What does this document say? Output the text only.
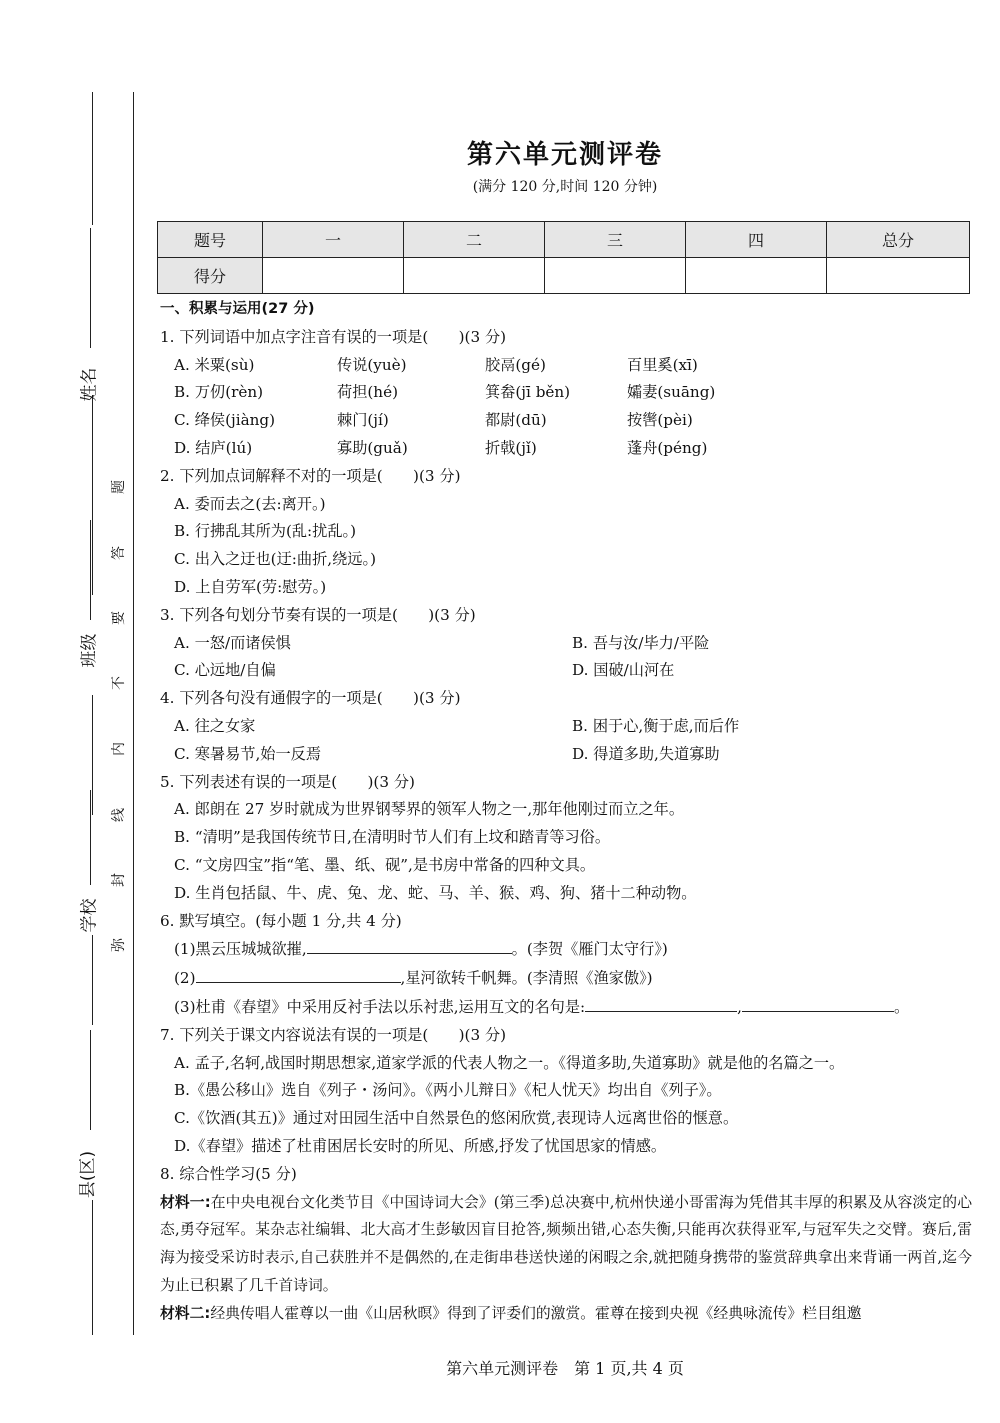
姓名
班级
学校
县(区)
题
答
要
不
内
线
封
弥
第六单元测评卷
(满分 120 分,时间 120 分钟)
题号	一	二	三	四	总分
得分					
一、积累与运用(27 分)
1. 下列词语中加点字注音有误的一项是(　　)(3 分)
A. 米粟(sù)	传说(yuè)	胶鬲(gé)	百里奚(xī)
B. 万仞(rèn)	荷担(hé)	箕畚(jī běn)	孀妻(suāng)
C. 绛侯(jiàng)	棘门(jí)	都尉(dū)	按辔(pèi)
D. 结庐(lú)	寡助(guǎ)	折戟(jǐ)	蓬舟(péng)
2. 下列加点词解释不对的一项是(　　)(3 分)
A. 委而去之(去:离开。)
B. 行拂乱其所为(乱:扰乱。)
C. 出入之迂也(迂:曲折,绕远。)
D. 上自劳军(劳:慰劳。)
3. 下列各句划分节奏有误的一项是(　　)(3 分)
A. 一怒/而诸侯惧	B. 吾与汝/毕力/平险
C. 心远地/自偏	D. 国破/山河在
4. 下列各句没有通假字的一项是(　　)(3 分)
A. 往之女家	B. 困于心,衡于虑,而后作
C. 寒暑易节,始一反焉	D. 得道多助,失道寡助
5. 下列表述有误的一项是(　　)(3 分)
A. 郎朗在 27 岁时就成为世界钢琴界的领军人物之一,那年他刚过而立之年。
B. “清明”是我国传统节日,在清明时节人们有上坟和踏青等习俗。
C. “文房四宝”指“笔、墨、纸、砚”,是书房中常备的四种文具。
D. 生肖包括鼠、牛、虎、兔、龙、蛇、马、羊、猴、鸡、狗、猪十二种动物。
6. 默写填空。(每小题 1 分,共 4 分)
(1)黑云压城城欲摧,	。(李贺《雁门太守行》)
(2)	,星河欲转千帆舞。(李清照《渔家傲》)
(3)杜甫《春望》中采用反衬手法以乐衬悲,运用互文的名句是:	,	。
7. 下列关于课文内容说法有误的一项是(　　)(3 分)
A. 孟子,名轲,战国时期思想家,道家学派的代表人物之一。《得道多助,失道寡助》就是他的名篇之一。
B.《愚公移山》选自《列子・汤问》。《两小儿辩日》《杞人忧天》均出自《列子》。
C.《饮酒(其五)》通过对田园生活中自然景色的悠闲欣赏,表现诗人远离世俗的惬意。
D.《春望》描述了杜甫困居长安时的所见、所感,抒发了忧国思家的情感。
8. 综合性学习(5 分)
材料一:在中央电视台文化类节目《中国诗词大会》(第三季)总决赛中,杭州快递小哥雷海为凭借其丰厚的积累及从容淡定的心态,勇夺冠军。某杂志社编辑、北大高才生彭敏因盲目抢答,频频出错,心态失衡,只能再次获得亚军,与冠军失之交臂。赛后,雷海为接受采访时表示,自己获胜并不是偶然的,在走街串巷送快递的闲暇之余,就把随身携带的鉴赏辞典拿出来背诵一两首,迄今为止已积累了几千首诗词。
材料二:经典传唱人霍尊以一曲《山居秋暝》得到了评委们的激赏。霍尊在接到央视《经典咏流传》栏目组邀
第六单元测评卷　第 1 页,共 4 页
